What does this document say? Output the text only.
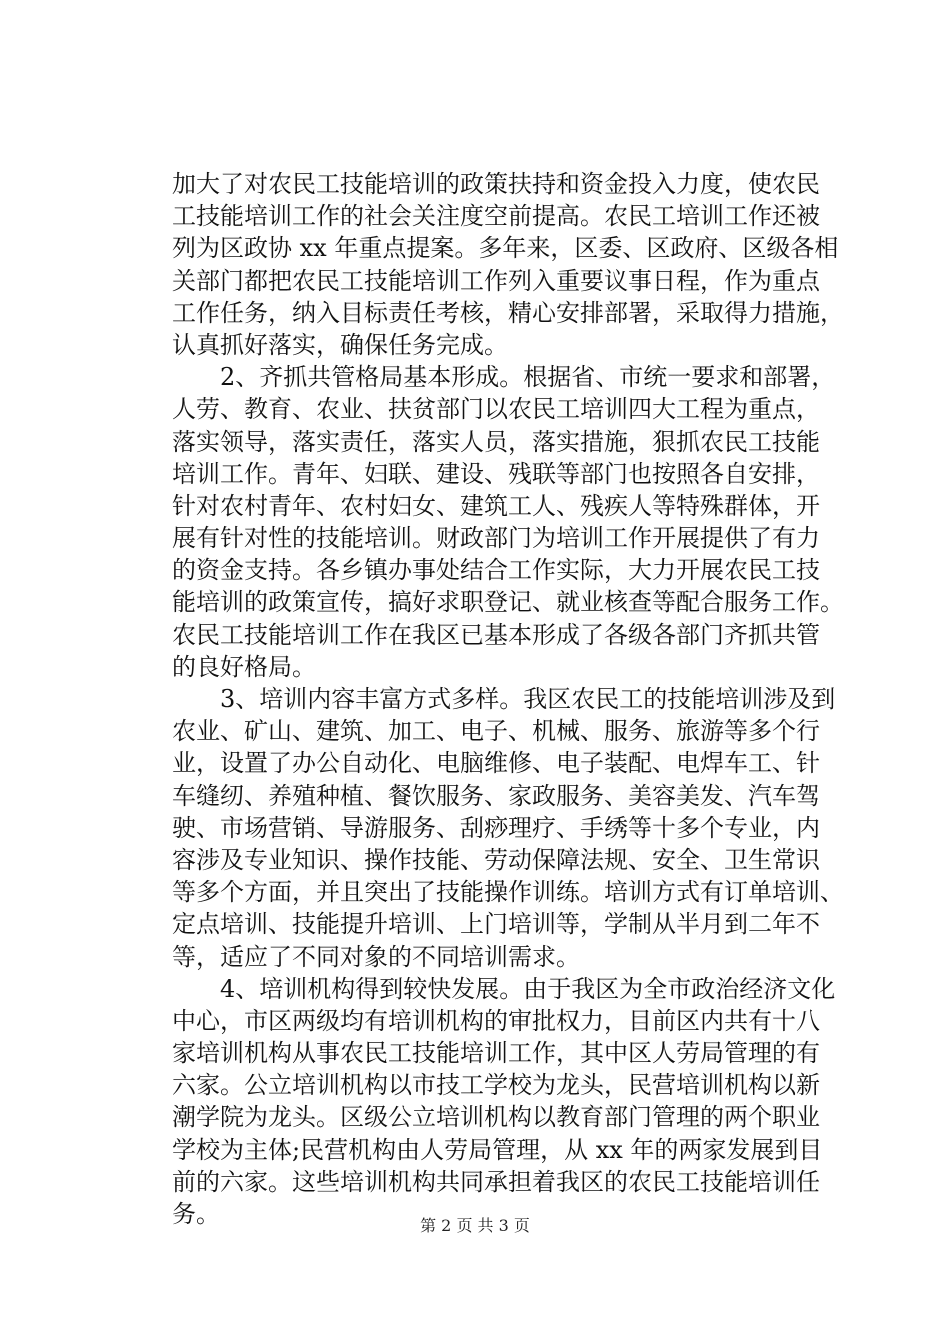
加大了对农民工技能培训的政策扶持和资金投入力度，使农民
工技能培训工作的社会关注度空前提高。农民工培训工作还被
列为区政协 xx 年重点提案。多年来，区委、区政府、区级各相
关部门都把农民工技能培训工作列入重要议事日程，作为重点
工作任务，纳入目标责任考核，精心安排部署，采取得力措施，
认真抓好落实，确保任务完成。
　　2、齐抓共管格局基本形成。根据省、市统一要求和部署，
人劳、教育、农业、扶贫部门以农民工培训四大工程为重点，
落实领导，落实责任，落实人员，落实措施，狠抓农民工技能
培训工作。青年、妇联、建设、残联等部门也按照各自安排，
针对农村青年、农村妇女、建筑工人、残疾人等特殊群体，开
展有针对性的技能培训。财政部门为培训工作开展提供了有力
的资金支持。各乡镇办事处结合工作实际，大力开展农民工技
能培训的政策宣传，搞好求职登记、就业核查等配合服务工作。
农民工技能培训工作在我区已基本形成了各级各部门齐抓共管
的良好格局。
　　3、培训内容丰富方式多样。我区农民工的技能培训涉及到
农业、矿山、建筑、加工、电子、机械、服务、旅游等多个行
业，设置了办公自动化、电脑维修、电子装配、电焊车工、针
车缝纫、养殖种植、餐饮服务、家政服务、美容美发、汽车驾
驶、市场营销、导游服务、刮痧理疗、手绣等十多个专业，内
容涉及专业知识、操作技能、劳动保障法规、安全、卫生常识
等多个方面，并且突出了技能操作训练。培训方式有订单培训、
定点培训、技能提升培训、上门培训等，学制从半月到二年不
等，适应了不同对象的不同培训需求。
　　4、培训机构得到较快发展。由于我区为全市政治经济文化
中心，市区两级均有培训机构的审批权力，目前区内共有十八
家培训机构从事农民工技能培训工作，其中区人劳局管理的有
六家。公立培训机构以市技工学校为龙头，民营培训机构以新
潮学院为龙头。区级公立培训机构以教育部门管理的两个职业
学校为主体;民营机构由人劳局管理，从 xx 年的两家发展到目
前的六家。这些培训机构共同承担着我区的农民工技能培训任
务。	第 2 页 共 3 页
